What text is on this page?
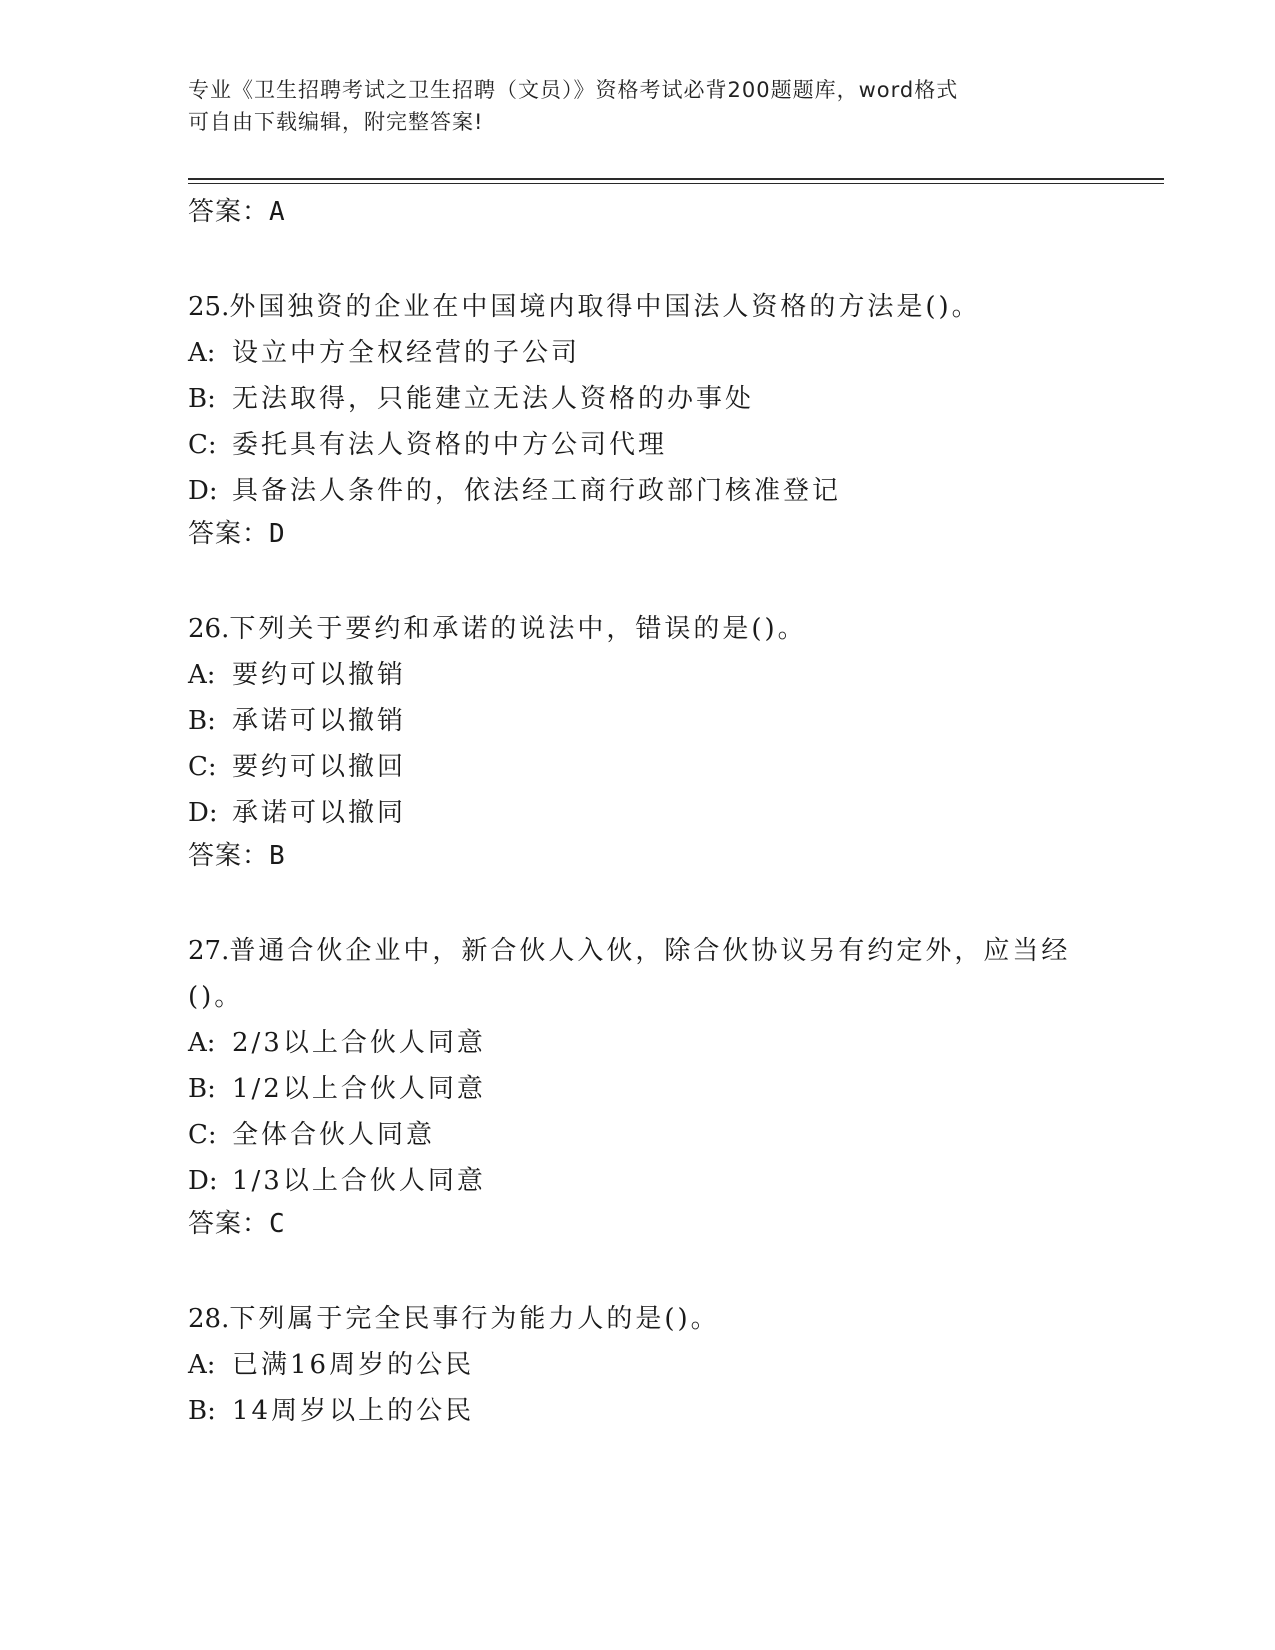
专业《卫生招聘考试之卫生招聘（文员）》资格考试必背200题题库，word格式
可自由下载编辑，附完整答案!
答案：A
25.外国独资的企业在中国境内取得中国法人资格的方法是()。
A: 设立中方全权经营的子公司
B: 无法取得，只能建立无法人资格的办事处
C: 委托具有法人资格的中方公司代理
D: 具备法人条件的，依法经工商行政部门核准登记
答案：D
26.下列关于要约和承诺的说法中，错误的是()。
A: 要约可以撤销
B: 承诺可以撤销
C: 要约可以撤回
D: 承诺可以撤同
答案：B
27.普通合伙企业中，新合伙人入伙，除合伙协议另有约定外，应当经()。
A: 2/3以上合伙人同意
B: 1/2以上合伙人同意
C: 全体合伙人同意
D: 1/3以上合伙人同意
答案：C
28.下列属于完全民事行为能力人的是()。
A: 已满16周岁的公民
B: 14周岁以上的公民
